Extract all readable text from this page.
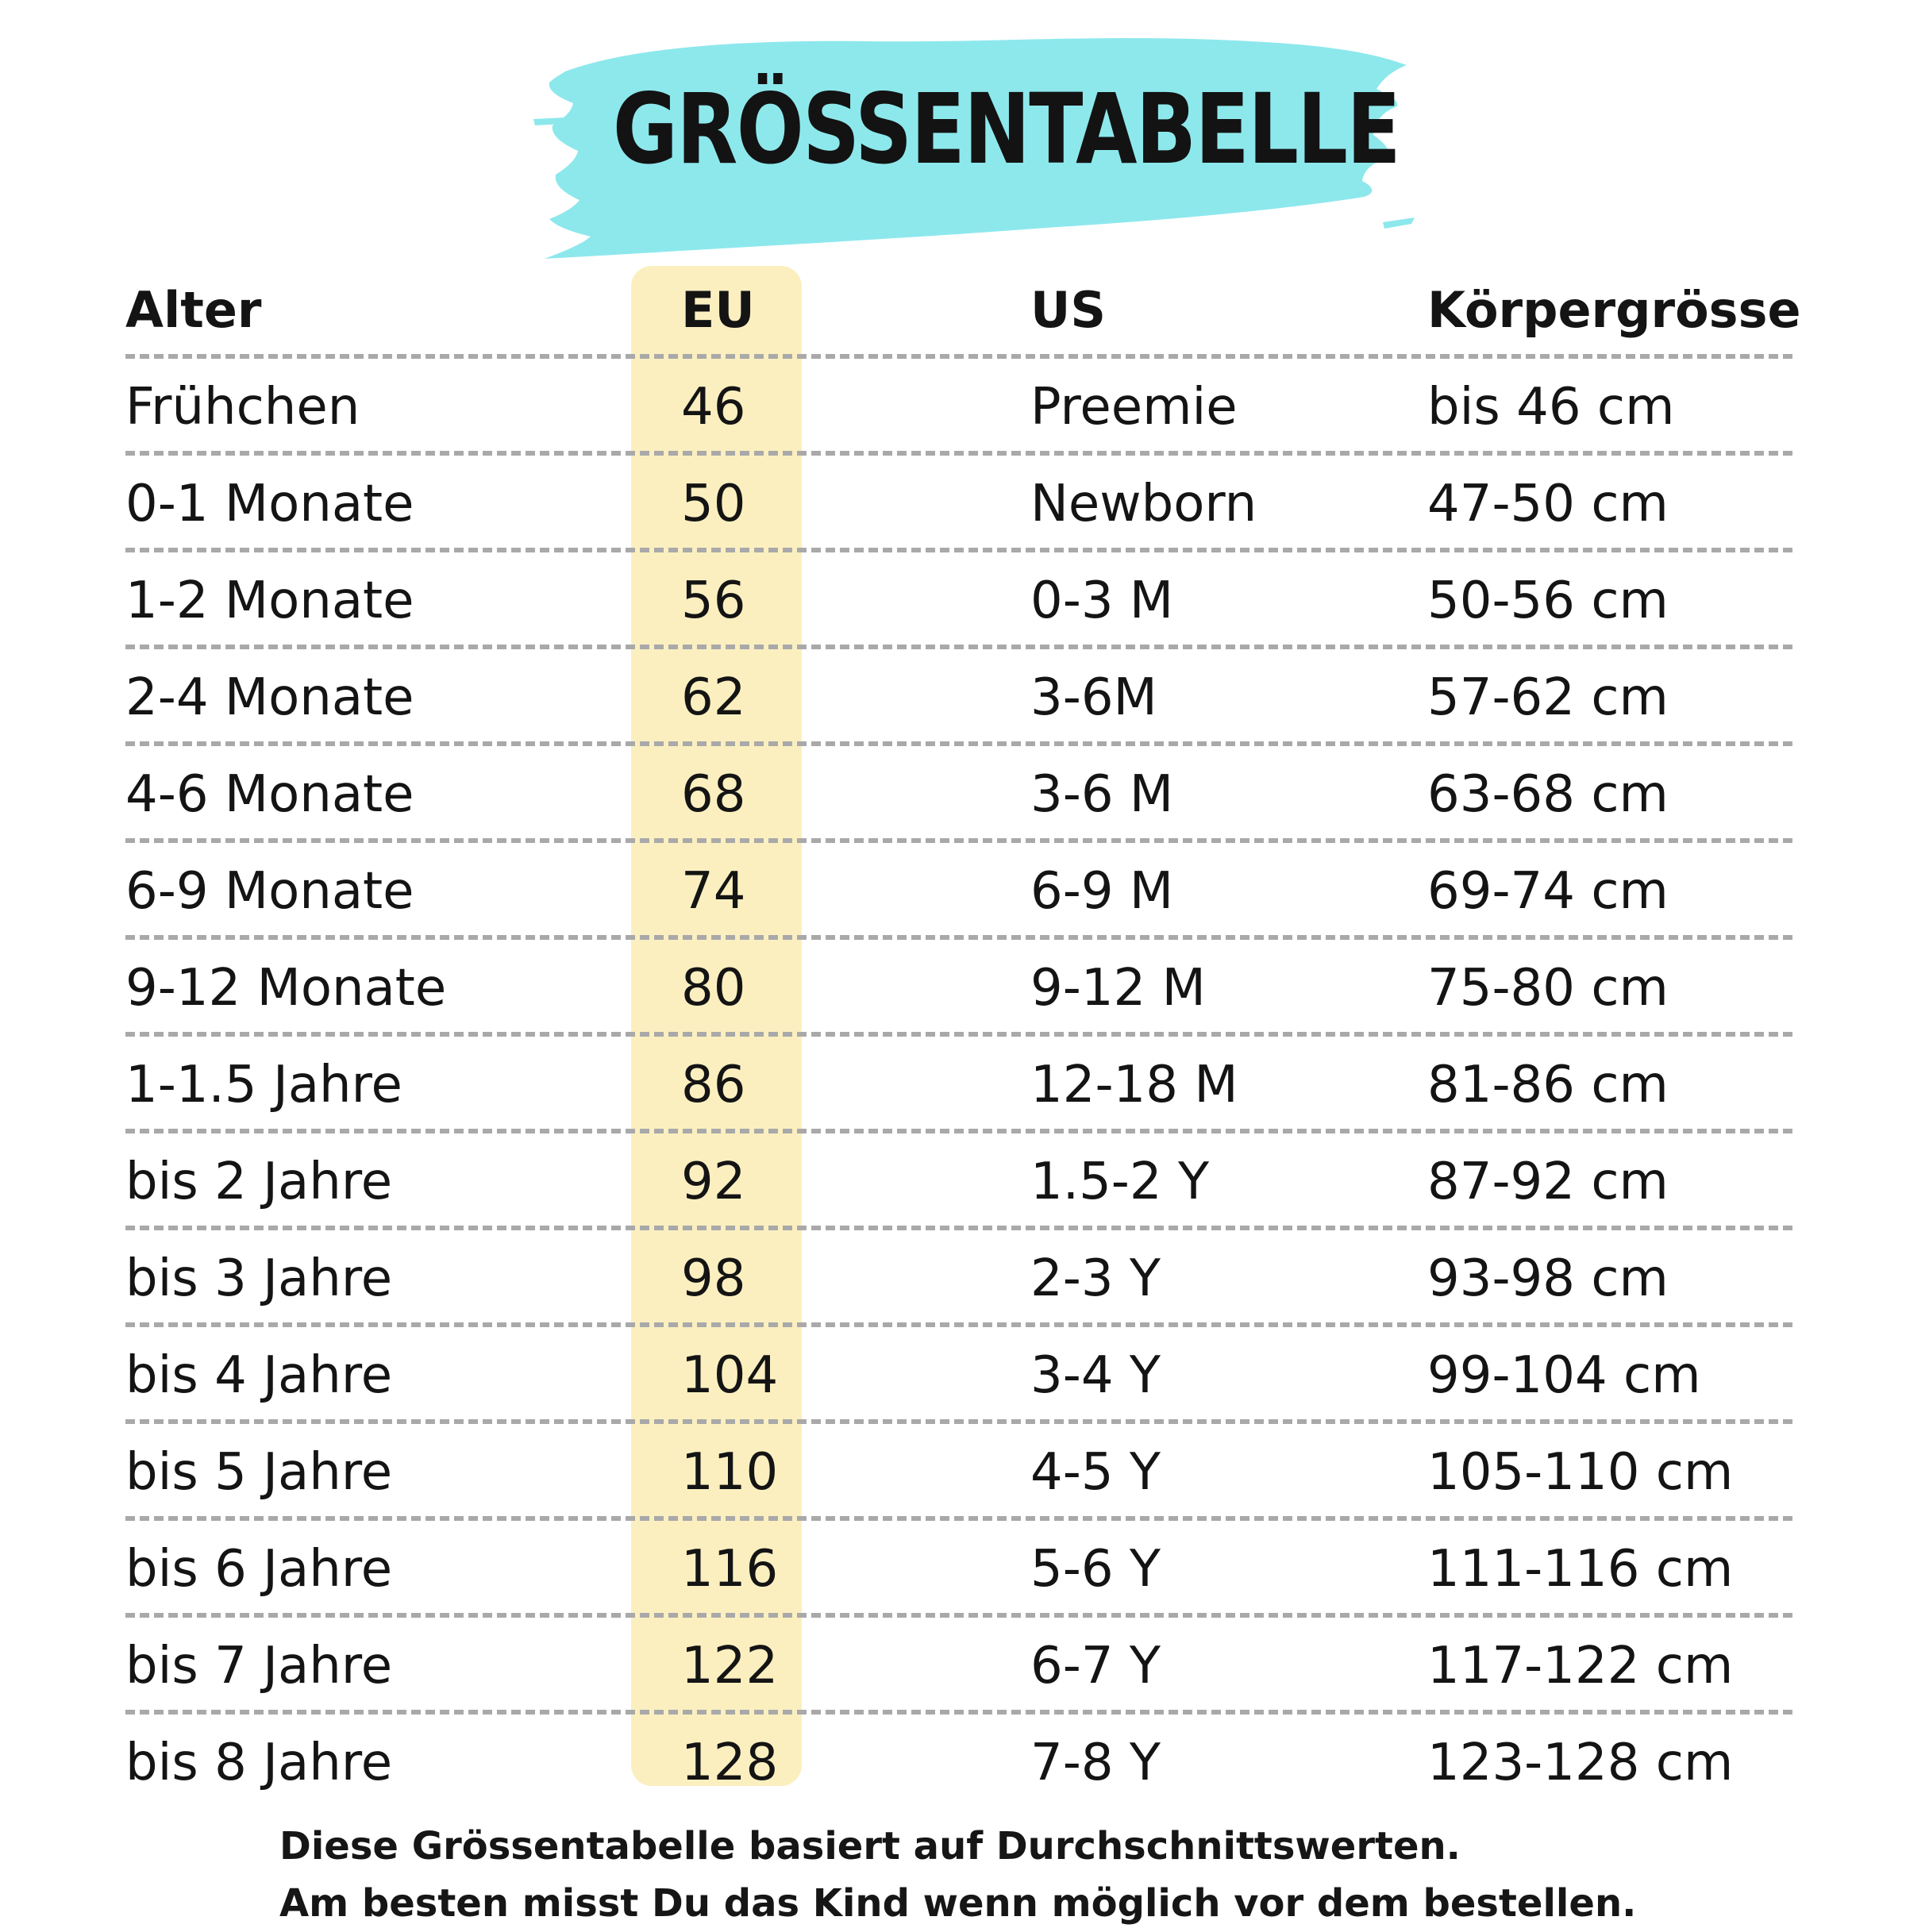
GRÖSSENTABELLE
Alter	EU	US	Körpergrösse
Frühchen	46	Preemie	bis 46 cm
0-1 Monate	50	Newborn	47-50 cm
1-2 Monate	56	0-3 M	50-56 cm
2-4 Monate	62	3-6M	57-62 cm
4-6 Monate	68	3-6 M	63-68 cm
6-9 Monate	74	6-9 M	69-74 cm
9-12 Monate	80	9-12 M	75-80 cm
1-1.5 Jahre	86	12-18 M	81-86 cm
bis 2 Jahre	92	1.5-2 Y	87-92 cm
bis 3 Jahre	98	2-3 Y	93-98 cm
bis 4 Jahre	104	3-4 Y	99-104 cm
bis 5 Jahre	110	4-5 Y	105-110 cm
bis 6 Jahre	116	5-6 Y	111-116 cm
bis 7 Jahre	122	6-7 Y	117-122 cm
bis 8 Jahre	128	7-8 Y	123-128 cm
Diese Grössentabelle basiert auf Durchschnittswerten.
Am besten misst Du das Kind wenn möglich vor dem bestellen.
